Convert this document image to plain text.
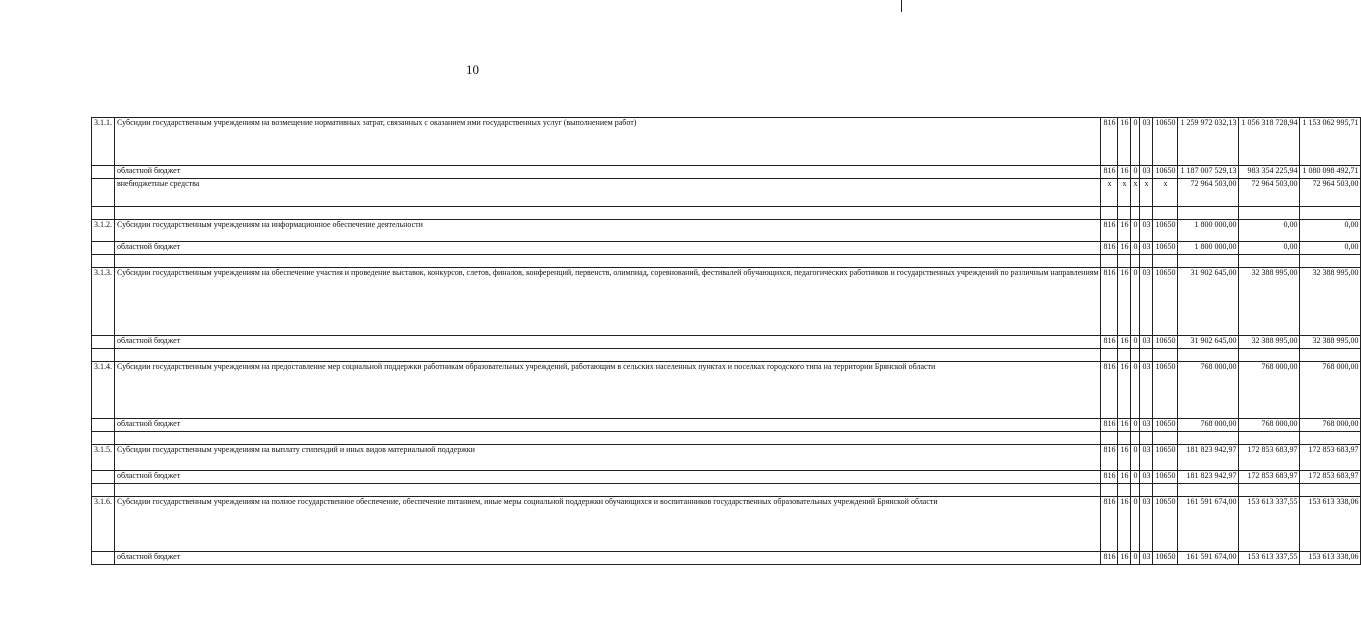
10
3.1.1.	Субсидии государственным учреждениям на возмещение нормативных затрат, связанных с оказанием ими государственных услуг (выполнением работ)	816	16	0	03	10650	1 259 972 032,13	1 056 318 728,94	1 153 062 995,71
	областной бюджет	816	16	0	03	10650	1 187 007 529,13	983 354 225,94	1 080 098 492,71
	внебюджетные средства	х	х	х	х	х	72 964 503,00	72 964 503,00	72 964 503,00

3.1.2.	Субсидии государственным учреждениям на информационное обеспечение деятельности	816	16	0	03	10650	1 800 000,00	0,00	0,00
	областной бюджет	816	16	0	03	10650	1 800 000,00	0,00	0,00

3.1.3.	Субсидии государственным учреждениям на обеспечение участия и проведение выставок, конкурсов, слетов, финалов, конференций, первенств, олимпиад, соревнований, фестивалей обучающихся, педагогических работников и государственных учреждений по различным направлениям	816	16	0	03	10650	31 902 645,00	32 388 995,00	32 388 995,00
	областной бюджет	816	16	0	03	10650	31 902 645,00	32 388 995,00	32 388 995,00

3.1.4.	Субсидии государственным учреждениям на предоставление мер социальной поддержки работникам образовательных учреждений, работающим в сельских населенных пунктах и поселках городского типа на территории Брянской области	816	16	0	03	10650	768 000,00	768 000,00	768 000,00
	областной бюджет	816	16	0	03	10650	768 000,00	768 000,00	768 000,00

3.1.5.	Субсидии государственным учреждениям на выплату стипендий и иных видов материальной поддержки	816	16	0	03	10650	181 823 942,97	172 853 683,97	172 853 683,97
	областной бюджет	816	16	0	03	10650	181 823 942,97	172 853 683,97	172 853 683,97

3.1.6.	Субсидии государственным учреждениям на полное государственное обеспечение, обеспечение питанием, иные меры социальной поддержки обучающихся и воспитанников государственных образовательных учреждений Брянской области	816	16	0	03	10650	161 591 674,00	153 613 337,55	153 613 338,06
	областной бюджет	816	16	0	03	10650	161 591 674,00	153 613 337,55	153 613 338,06
